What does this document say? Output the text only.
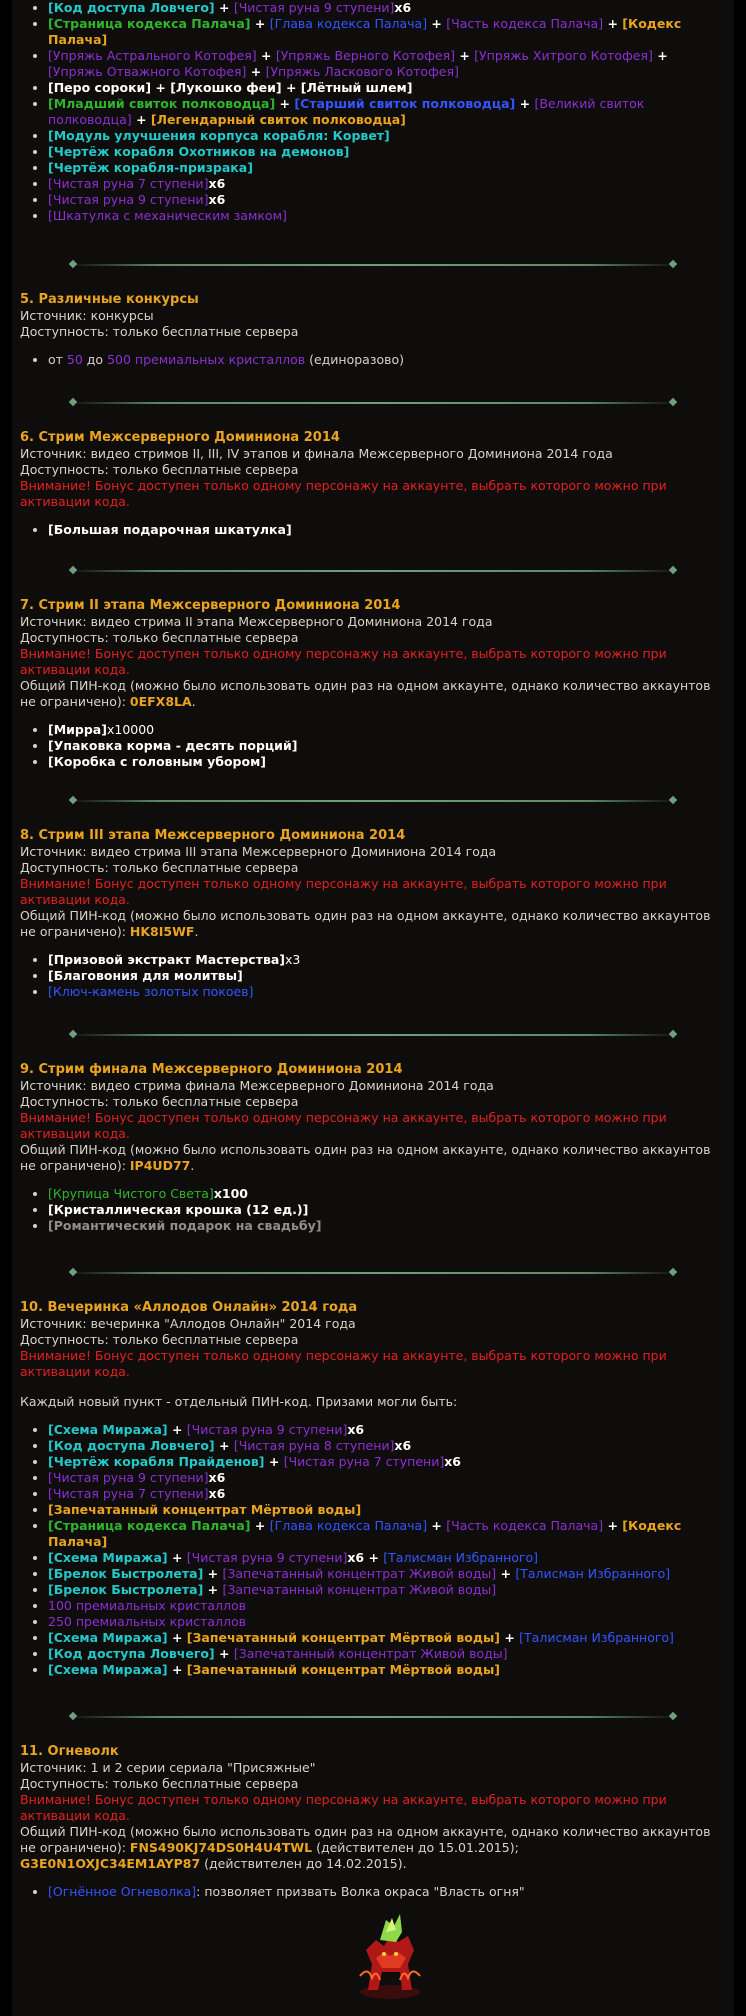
• [Код доступа Ловчего] + [Чистая руна 9 ступени]х6
• [Страница кодекса Палача] + [Глава кодекса Палача] + [Часть кодекса Палача] + [Кодекс Палача]
• [Упряжь Астрального Котофея] + [Упряжь Верного Котофея] + [Упряжь Хитрого Котофея] + [Упряжь Отважного Котофея] + [Упряжь Ласкового Котофея]
• [Перо сороки] + [Лукошко феи] + [Лётный шлем]
• [Младший свиток полководца] + [Старший свиток полководца] + [Великий свиток полководца] + [Легендарный свиток полководца]
• [Модуль улучшения корпуса корабля: Корвет]
• [Чертёж корабля Охотников на демонов]
• [Чертёж корабля-призрака]
• [Чистая руна 7 ступени]х6
• [Чистая руна 9 ступени]х6
• [Шкатулка с механическим замком]
5. Различные конкурсы
Источник: конкурсы
Доступность: только бесплатные сервера
• от 50 до 500 премиальных кристаллов (единоразово)
6. Стрим Межсерверного Доминиона 2014
Источник: видео стримов II, III, IV этапов и финала Межсерверного Доминиона 2014 года
Доступность: только бесплатные сервера
Внимание! Бонус доступен только одному персонажу на аккаунте, выбрать которого можно при активации кода.
• [Большая подарочная шкатулка]
7. Стрим II этапа Межсерверного Доминиона 2014
Источник: видео стрима II этапа Межсерверного Доминиона 2014 года
Доступность: только бесплатные сервера
Внимание! Бонус доступен только одному персонажу на аккаунте, выбрать которого можно при активации кода.
Общий ПИН-код (можно было использовать один раз на одном аккаунте, однако количество аккаунтов не ограничено): 0EFX8LA.
• [Мирра]х10000
• [Упаковка корма - десять порций]
• [Коробка с головным убором]
8. Стрим III этапа Межсерверного Доминиона 2014
Источник: видео стрима III этапа Межсерверного Доминиона 2014 года
Доступность: только бесплатные сервера
Внимание! Бонус доступен только одному персонажу на аккаунте, выбрать которого можно при активации кода.
Общий ПИН-код (можно было использовать один раз на одном аккаунте, однако количество аккаунтов не ограничено): HK8I5WF.
• [Призовой экстракт Мастерства]х3
• [Благовония для молитвы]
• [Ключ-камень золотых покоев]
9. Стрим финала Межсерверного Доминиона 2014
Источник: видео стрима финала Межсерверного Доминиона 2014 года
Доступность: только бесплатные сервера
Внимание! Бонус доступен только одному персонажу на аккаунте, выбрать которого можно при активации кода.
Общий ПИН-код (можно было использовать один раз на одном аккаунте, однако количество аккаунтов не ограничено): IP4UD77.
• [Крупица Чистого Света]х100
• [Кристаллическая крошка (12 ед.)]
• [Романтический подарок на свадьбу]
10. Вечеринка «Аллодов Онлайн» 2014 года
Источник: вечеринка "Аллодов Онлайн" 2014 года
Доступность: только бесплатные сервера
Внимание! Бонус доступен только одному персонажу на аккаунте, выбрать которого можно при активации кода.
Каждый новый пункт - отдельный ПИН-код. Призами могли быть:
• [Схема Миража] + [Чистая руна 9 ступени]х6
• [Код доступа Ловчего] + [Чистая руна 8 ступени]х6
• [Чертёж корабля Прайденов] + [Чистая руна 7 ступени]х6
• [Чистая руна 9 ступени]х6
• [Чистая руна 7 ступени]х6
• [Запечатанный концентрат Мёртвой воды]
• [Страница кодекса Палача] + [Глава кодекса Палача] + [Часть кодекса Палача] + [Кодекс Палача]
• [Схема Миража] + [Чистая руна 9 ступени]х6 + [Талисман Избранного]
• [Брелок Быстролета] + [Запечатанный концентрат Живой воды] + [Талисман Избранного]
• [Брелок Быстролета] + [Запечатанный концентрат Живой воды]
• 100 премиальных кристаллов
• 250 премиальных кристаллов
• [Схема Миража] + [Запечатанный концентрат Мёртвой воды] + [Талисман Избранного]
• [Код доступа Ловчего] + [Запечатанный концентрат Живой воды]
• [Схема Миража] + [Запечатанный концентрат Мёртвой воды]
11. Огневолк
Источник: 1 и 2 серии сериала "Присяжные"
Доступность: только бесплатные сервера
Внимание! Бонус доступен только одному персонажу на аккаунте, выбрать которого можно при активации кода.
Общий ПИН-код (можно было использовать один раз на одном аккаунте, однако количество аккаунтов не ограничено): FNS490KJ74DS0H4U4TWL (действителен до 15.01.2015);
G3E0N1OXJC34EM1AYP87 (действителен до 14.02.2015).
• [Огнённое Огневолка]: позволяет призвать Волка окраса "Власть огня"
